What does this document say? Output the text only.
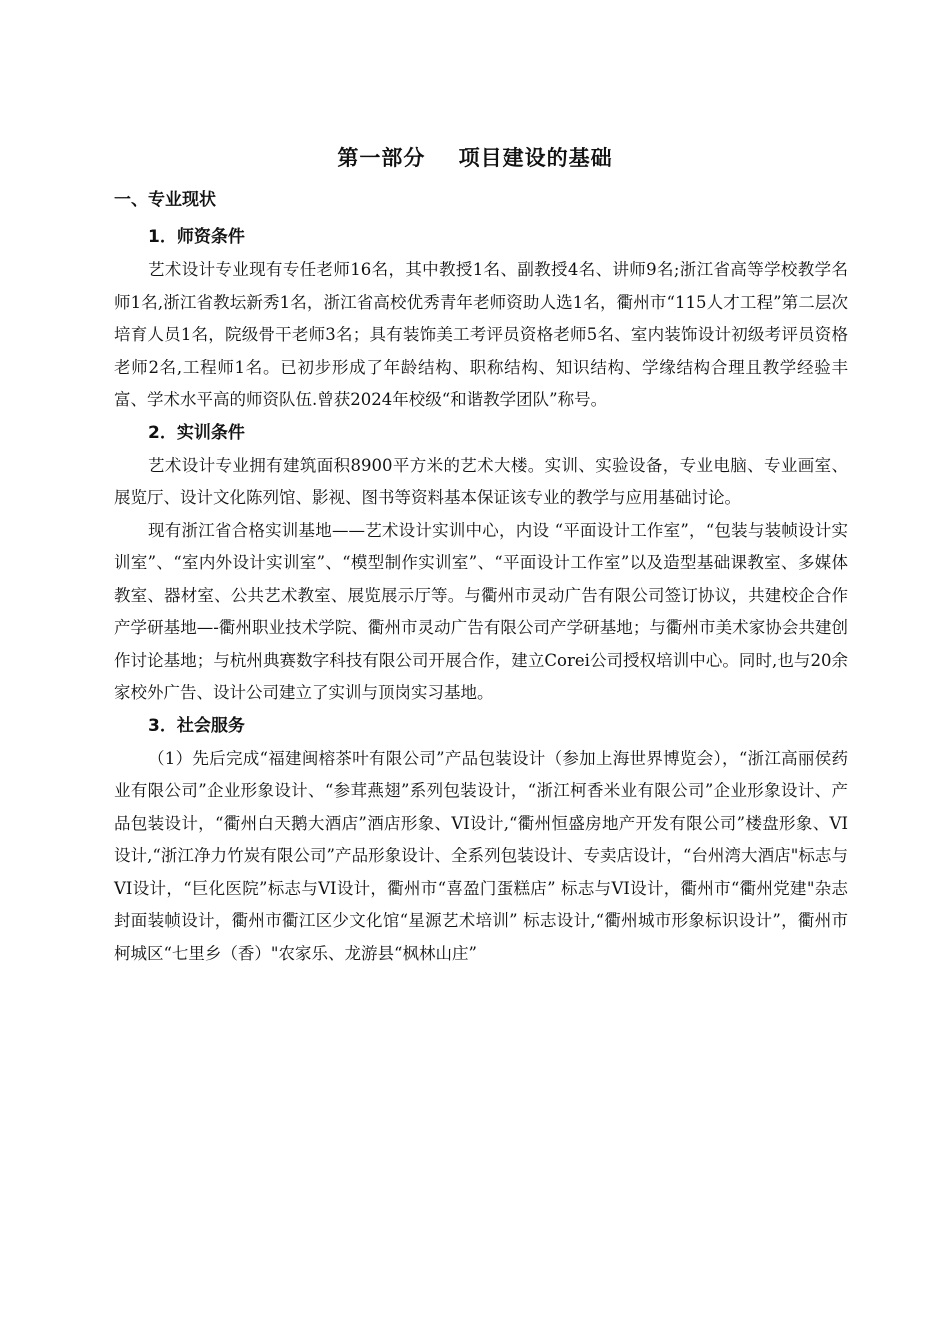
第一部分    项目建设的基础
一、专业现状
1．师资条件

艺术设计专业现有专任老师16名，其中教授1名、副教授4名、讲师9名;浙江省高等学校教学名师1名,浙江省教坛新秀1名，浙江省高校优秀青年老师资助人选1名，衢州市“115人才工程”第二层次培育人员1名，院级骨干老师3名；具有装饰美工考评员资格老师5名、室内装饰设计初级考评员资格老师2名,工程师1名。已初步形成了年龄结构、职称结构、知识结构、学缘结构合理且教学经验丰富、学术水平高的师资队伍.曾获2024年校级“和谐教学团队”称号。

2．实训条件

艺术设计专业拥有建筑面积8900平方米的艺术大楼。实训、实验设备，专业电脑、专业画室、展览厅、设计文化陈列馆、影视、图书等资料基本保证该专业的教学与应用基础讨论。

现有浙江省合格实训基地——艺术设计实训中心，内设 “平面设计工作室”，“包装与装帧设计实训室”、“室内外设计实训室”、“模型制作实训室”、“平面设计工作室”以及造型基础课教室、多媒体教室、器材室、公共艺术教室、展览展示厅等。与衢州市灵动广告有限公司签订协议，共建校企合作产学研基地—-衢州职业技术学院、衢州市灵动广告有限公司产学研基地；与衢州市美术家协会共建创作讨论基地；与杭州典赛数字科技有限公司开展合作，建立Corei公司授权培训中心。同时,也与20余家校外广告、设计公司建立了实训与顶岗实习基地。

3．社会服务

（1）先后完成“福建闽榕茶叶有限公司”产品包装设计（参加上海世界博览会），“浙江高丽侯药业有限公司”企业形象设计、“参茸燕翅”系列包装设计，“浙江柯香米业有限公司”企业形象设计、产品包装设计，“衢州白天鹅大酒店”酒店形象、VI设计,“衢州恒盛房地产开发有限公司”楼盘形象、VI设计,“浙江净力竹炭有限公司”产品形象设计、全系列包装设计、专卖店设计，“台州湾大酒店"标志与VI设计，“巨化医院”标志与VI设计，衢州市“喜盈门蛋糕店” 标志与VI设计，衢州市“衢州党建"杂志封面装帧设计，衢州市衢江区少文化馆“星源艺术培训” 标志设计,“衢州城市形象标识设计”，衢州市柯城区“七里乡（香）"农家乐、龙游县“枫林山庄”
